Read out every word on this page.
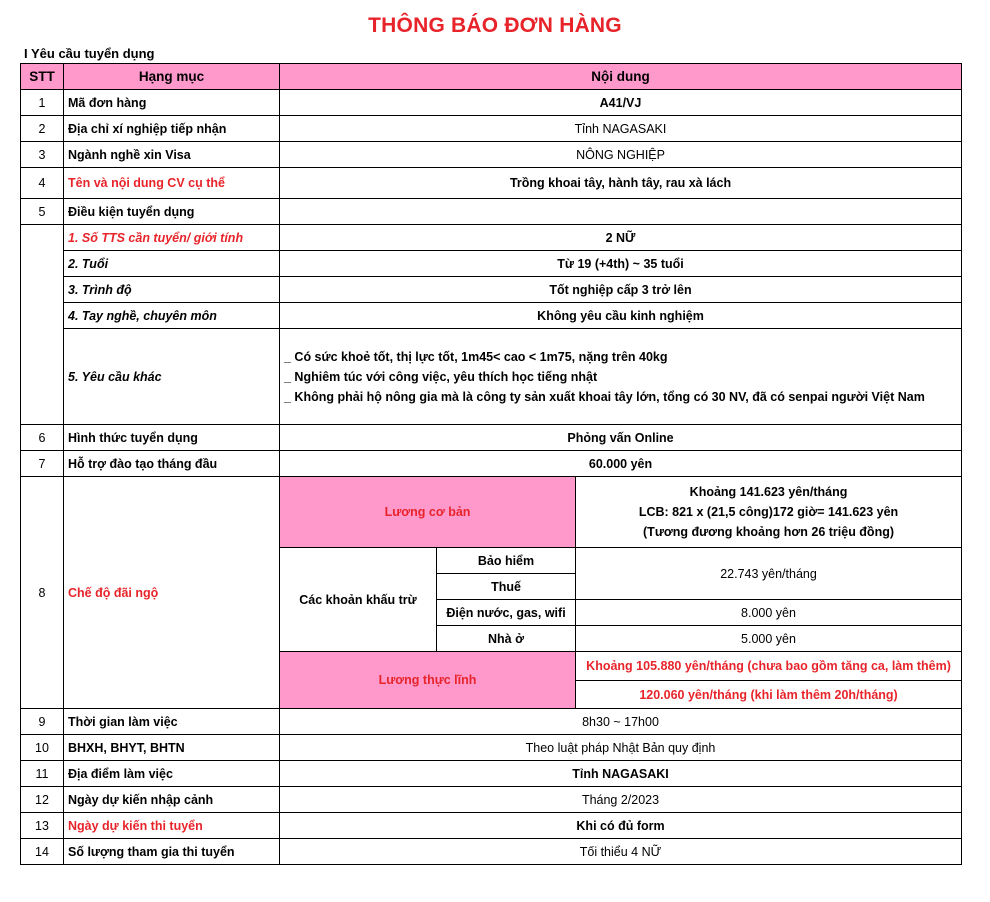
THÔNG BÁO ĐƠN HÀNG
I Yêu cầu tuyển dụng
STT	Hạng mục	Nội dung		
1	Mã đơn hàng	A41/VJ		
2	Địa chỉ xí nghiệp tiếp nhận	Tỉnh NAGASAKI		
3	Ngành nghề xin Visa	NÔNG NGHIỆP		
4	Tên và nội dung CV cụ thể	Trồng khoai tây, hành tây, rau xà lách		
5	Điều kiện tuyển dụng			
	1. Số TTS cần tuyển/ giới tính	2 NỮ		
	2. Tuổi	Từ 19 (+4th) ~ 35 tuổi		
	3. Trình độ	Tốt nghiệp cấp 3 trở lên		
	4. Tay nghề, chuyên môn	Không yêu cầu kinh nghiệm		
	5. Yêu cầu khác	_ Có sức khoẻ tốt, thị lực tốt, 1m45< cao < 1m75, nặng trên 40kg
_ Nghiêm túc với công việc, yêu thích học tiếng nhật
_ Không phải hộ nông gia mà là công ty sản xuất khoai tây lớn, tổng có 30 NV, đã có senpai người Việt Nam		

6	Hình thức tuyển dụng	Phỏng vấn Online		
7	Hỗ trợ đào tạo tháng đầu	60.000 yên		
8	Chế độ đãi ngộ	Lương cơ bản		Khoảng 141.623 yên/tháng
LCB: 821 x (21,5 công)172 giờ= 141.623 yên
(Tương đương khoảng hơn 26 triệu đồng)

		Các khoản khấu trừ	Bảo hiểm	22.743 yên/tháng
			Thuế	
			Điện nước, gas, wifi	8.000 yên
			Nhà ở	5.000 yên
		Lương thực lĩnh		Khoảng 105.880 yên/tháng (chưa bao gồm tăng ca, làm thêm)
				120.060 yên/tháng (khi làm thêm 20h/tháng)
9	Thời gian làm việc	8h30 ~ 17h00		
10	BHXH, BHYT, BHTN	Theo luật pháp Nhật Bản quy định		
11	Địa điểm làm việc	Tỉnh NAGASAKI		
12	Ngày dự kiến nhập cảnh	Tháng 2/2023		
13	Ngày dự kiến thi tuyển	Khi có đủ form		
14	Số lượng tham gia thi tuyển	Tối thiểu 4 NỮ		
